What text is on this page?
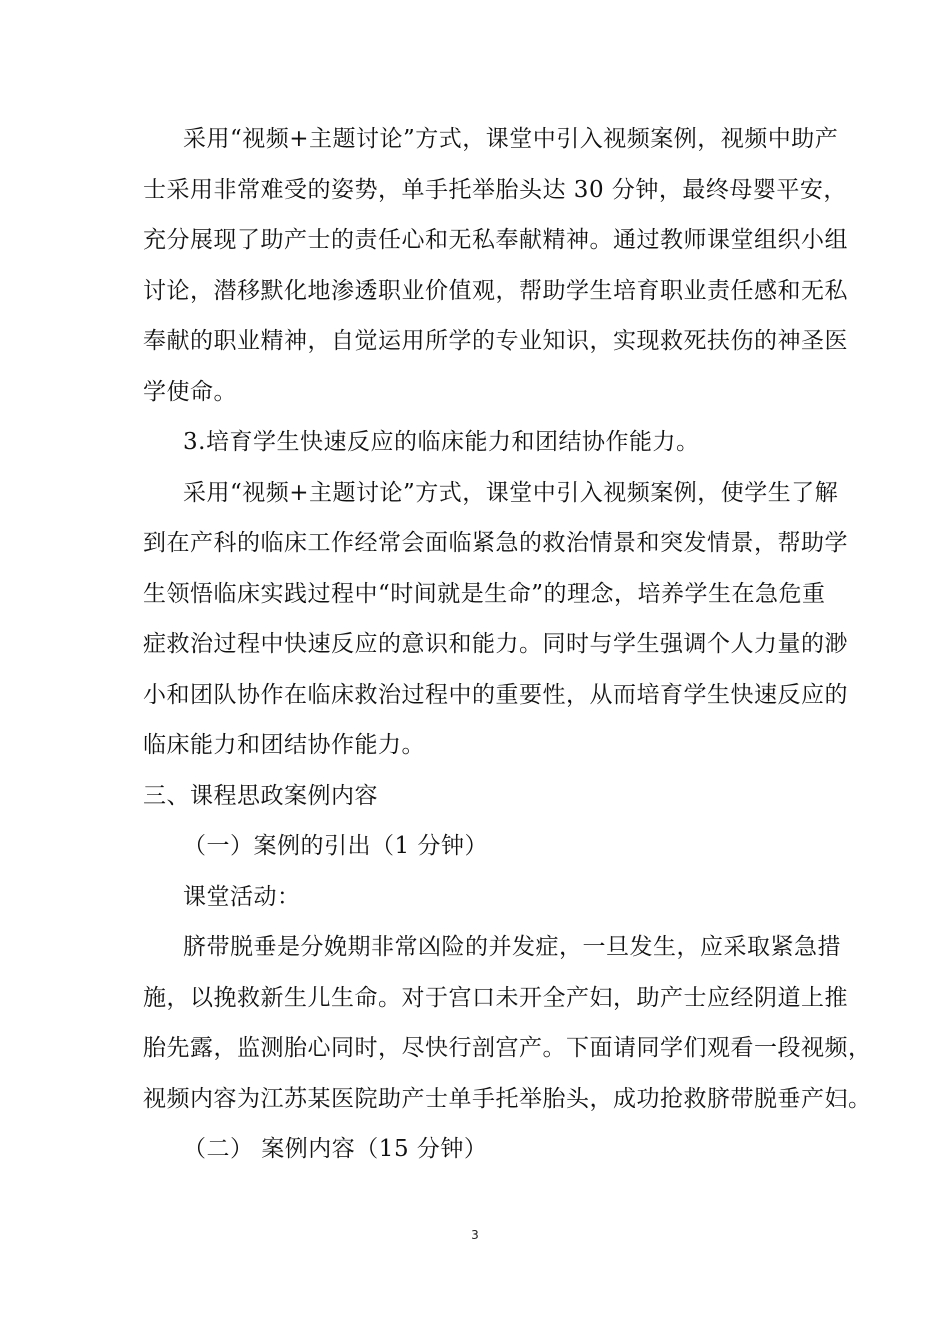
采用“视频+主题讨论”方式，课堂中引入视频案例，视频中助产
士采用非常难受的姿势，单手托举胎头达 30 分钟，最终母婴平安，
充分展现了助产士的责任心和无私奉献精神。通过教师课堂组织小组
讨论，潜移默化地渗透职业价值观，帮助学生培育职业责任感和无私
奉献的职业精神，自觉运用所学的专业知识，实现救死扶伤的神圣医
学使命。
3.培育学生快速反应的临床能力和团结协作能力。
采用“视频+主题讨论”方式，课堂中引入视频案例，使学生了解
到在产科的临床工作经常会面临紧急的救治情景和突发情景，帮助学
生领悟临床实践过程中“时间就是生命”的理念，培养学生在急危重
症救治过程中快速反应的意识和能力。同时与学生强调个人力量的渺
小和团队协作在临床救治过程中的重要性，从而培育学生快速反应的
临床能力和团结协作能力。
三、课程思政案例内容
（一）案例的引出（1 分钟）
课堂活动：
脐带脱垂是分娩期非常凶险的并发症，一旦发生，应采取紧急措
施，以挽救新生儿生命。对于宫口未开全产妇，助产士应经阴道上推
胎先露，监测胎心同时，尽快行剖宫产。下面请同学们观看一段视频，
视频内容为江苏某医院助产士单手托举胎头，成功抢救脐带脱垂产妇。
（二） 案例内容（15 分钟）
3
